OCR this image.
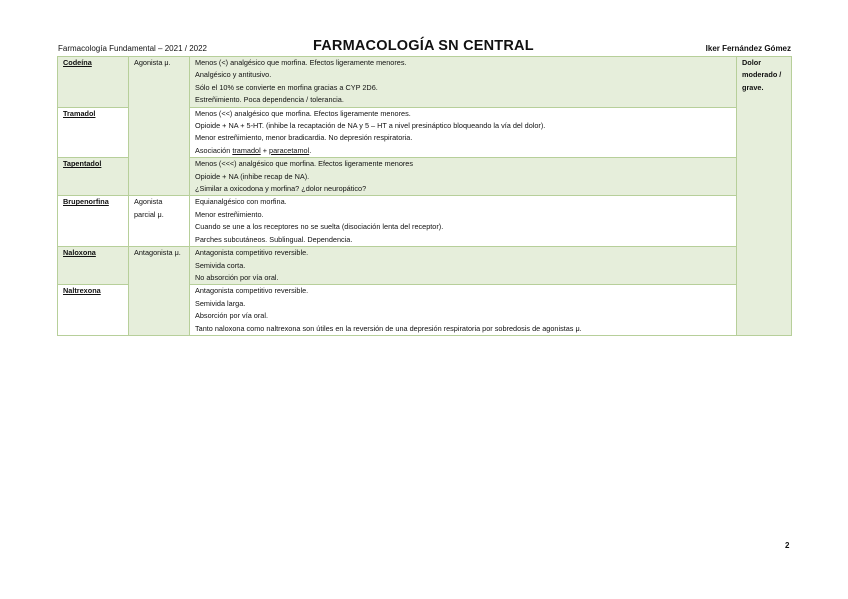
Farmacología Fundamental – 2021 / 2022	FARMACOLOGÍA SN CENTRAL	Iker Fernández Gómez
Codeína	Agonista μ.	Menos (<) analgésico que morfina. Efectos ligeramente menores.
Analgésico y antitusivo.
Sólo el 10% se convierte en morfina gracias a CYP 2D6.
Estreñimiento. Poca dependencia / tolerancia.	Dolor moderado / grave.
Tramadol		Menos (<<) analgésico que morfina. Efectos ligeramente menores.
Opioide + NA + 5-HT. (inhibe la recaptación de NA y 5 – HT a nivel presináptico bloqueando la vía del dolor).
Menor estreñimiento, menor bradicardia. No depresión respiratoria.
Asociación tramadol + paracetamol.	

Tapentadol		Menos (<<<) analgésico que morfina. Efectos ligeramente menores
Opioide + NA (inhibe recap de NA).
¿Similar a oxicodona y morfina? ¿dolor neuropático?	

Brupenorfina	Agonista parcial μ.	Equianalgésico con morfina.
Menor estreñimiento.
Cuando se une a los receptores no se suelta (disociación lenta del receptor).
Parches subcutáneos. Sublingual. Dependencia.	

Naloxona	Antagonista μ.	Antagonista competitivo reversible.
Semivida corta.
No absorción por vía oral.	

Naltrexona		Antagonista competitivo reversible.
Semivida larga.
Absorción por vía oral.
Tanto naloxona como naltrexona son útiles en la reversión de una depresión respiratoria por sobredosis de agonistas μ.	
2
